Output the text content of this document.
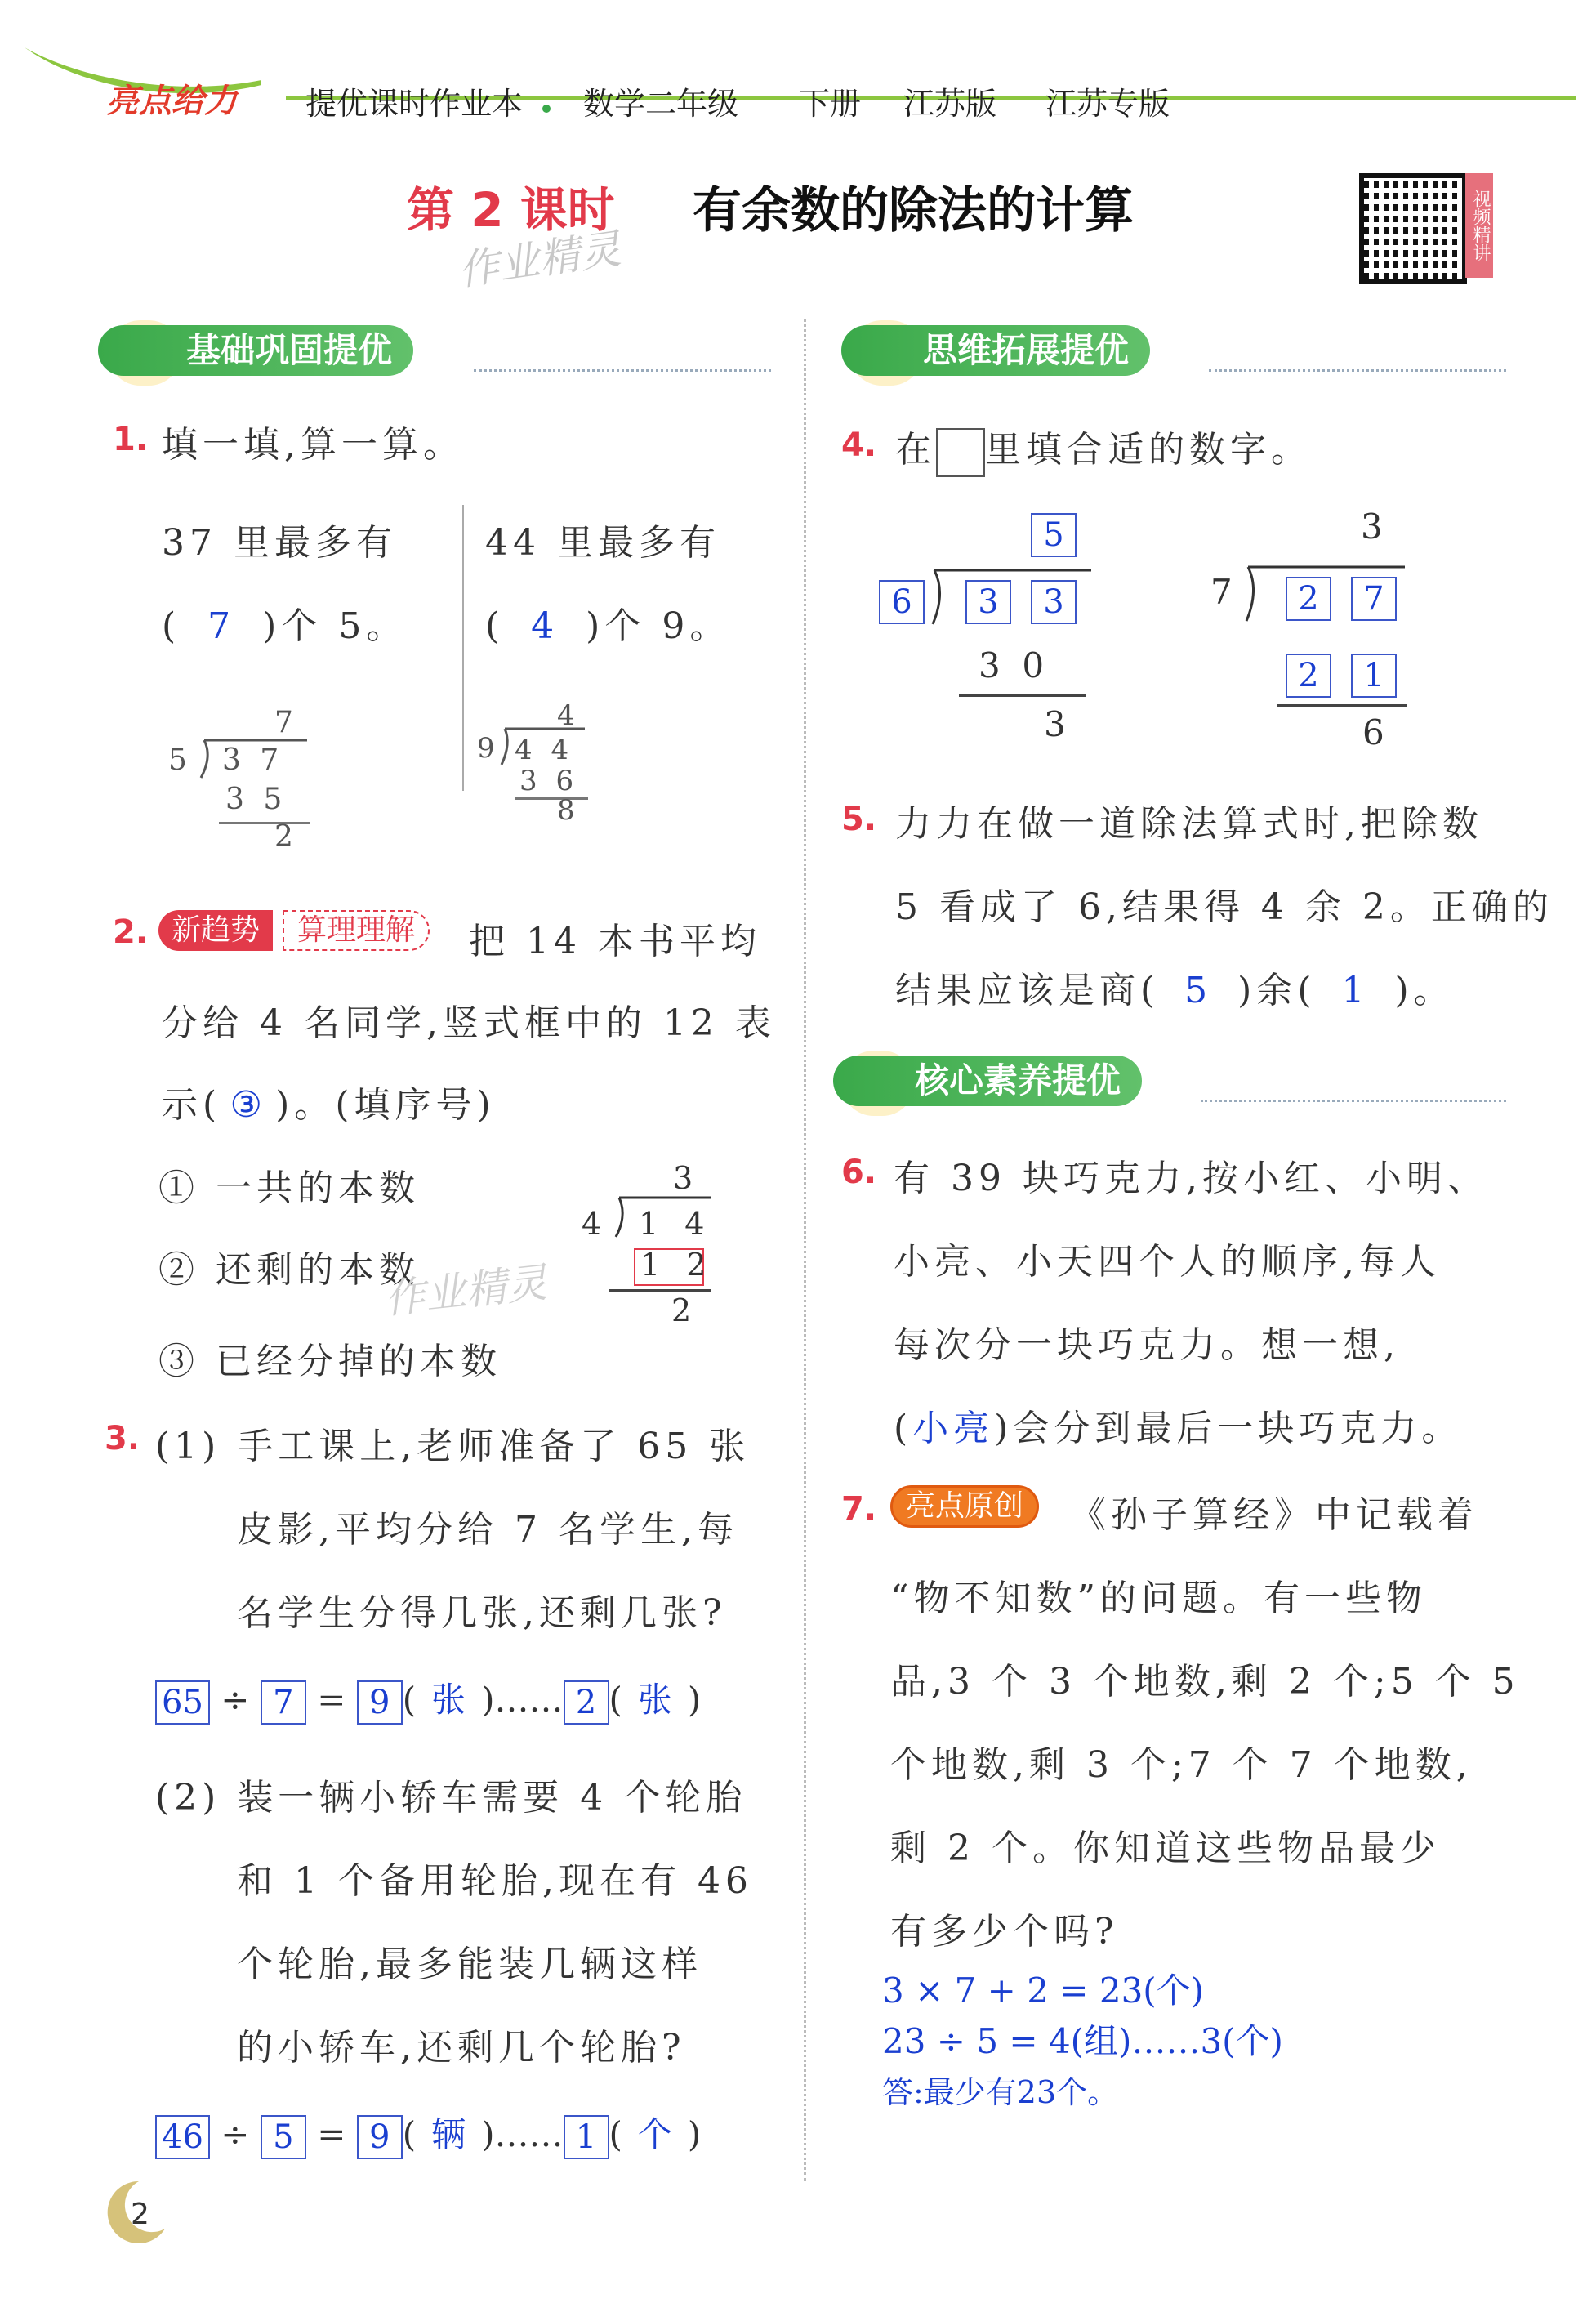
亮点给力 提优课时作业本 数学二年级 下册 江苏版 江苏专版
第 2 课时 有余数的除法的计算
作业精灵	视频精讲
基础巩固提优
1. 填一填,算一算。
37 里最多有
( 7 )个 5。
44 里最多有
( 4 )个 9。
7
5 3 7
3 5
2
4
9 4 4
3 6
8
2. 新趋势	算理理解	把 14 本书平均
分给 4 名同学,竖式框中的 12 表
示( ③ )。(填序号)
① 一共的本数
② 还剩的本数
③ 已经分掉的本数
作业精灵
3
4 1 4
1 2
2
3. (1) 手工课上,老师准备了 65 张
皮影,平均分给 7 名学生,每
名学生分得几张,还剩几张?
65 ÷ 7 = 9 ( 张 )…… 2 ( 张 )
(2) 装一辆小轿车需要 4 个轮胎
和 1 个备用轮胎,现在有 46
个轮胎,最多能装几辆这样
的小轿车,还剩几个轮胎?
46 ÷ 5 = 9 ( 辆 )…… 1 ( 个 )
思维拓展提优
4. 在 里填合适的数字。
5
6	3	3
3  0
3
3
7	2	7
2	1
6
5. 力力在做一道除法算式时,把除数
5 看成了 6,结果得 4 余 2。正确的
结果应该是商( 5 )余( 1 )。
核心素养提优
6. 有 39 块巧克力,按小红、小明、
小亮、小天四个人的顺序,每人
每次分一块巧克力。想一想,
(小亮)会分到最后一块巧克力。
7. 亮点原创	《孙子算经》中记载着
“物不知数”的问题。有一些物
品,3 个 3 个地数,剩 2 个;5 个 5
个地数,剩 3 个;7 个 7 个地数,
剩 2 个。你知道这些物品最少
有多少个吗?
3 × 7 + 2 = 23(个)
23 ÷ 5 = 4(组)……3(个)
答:最少有23个。
2
